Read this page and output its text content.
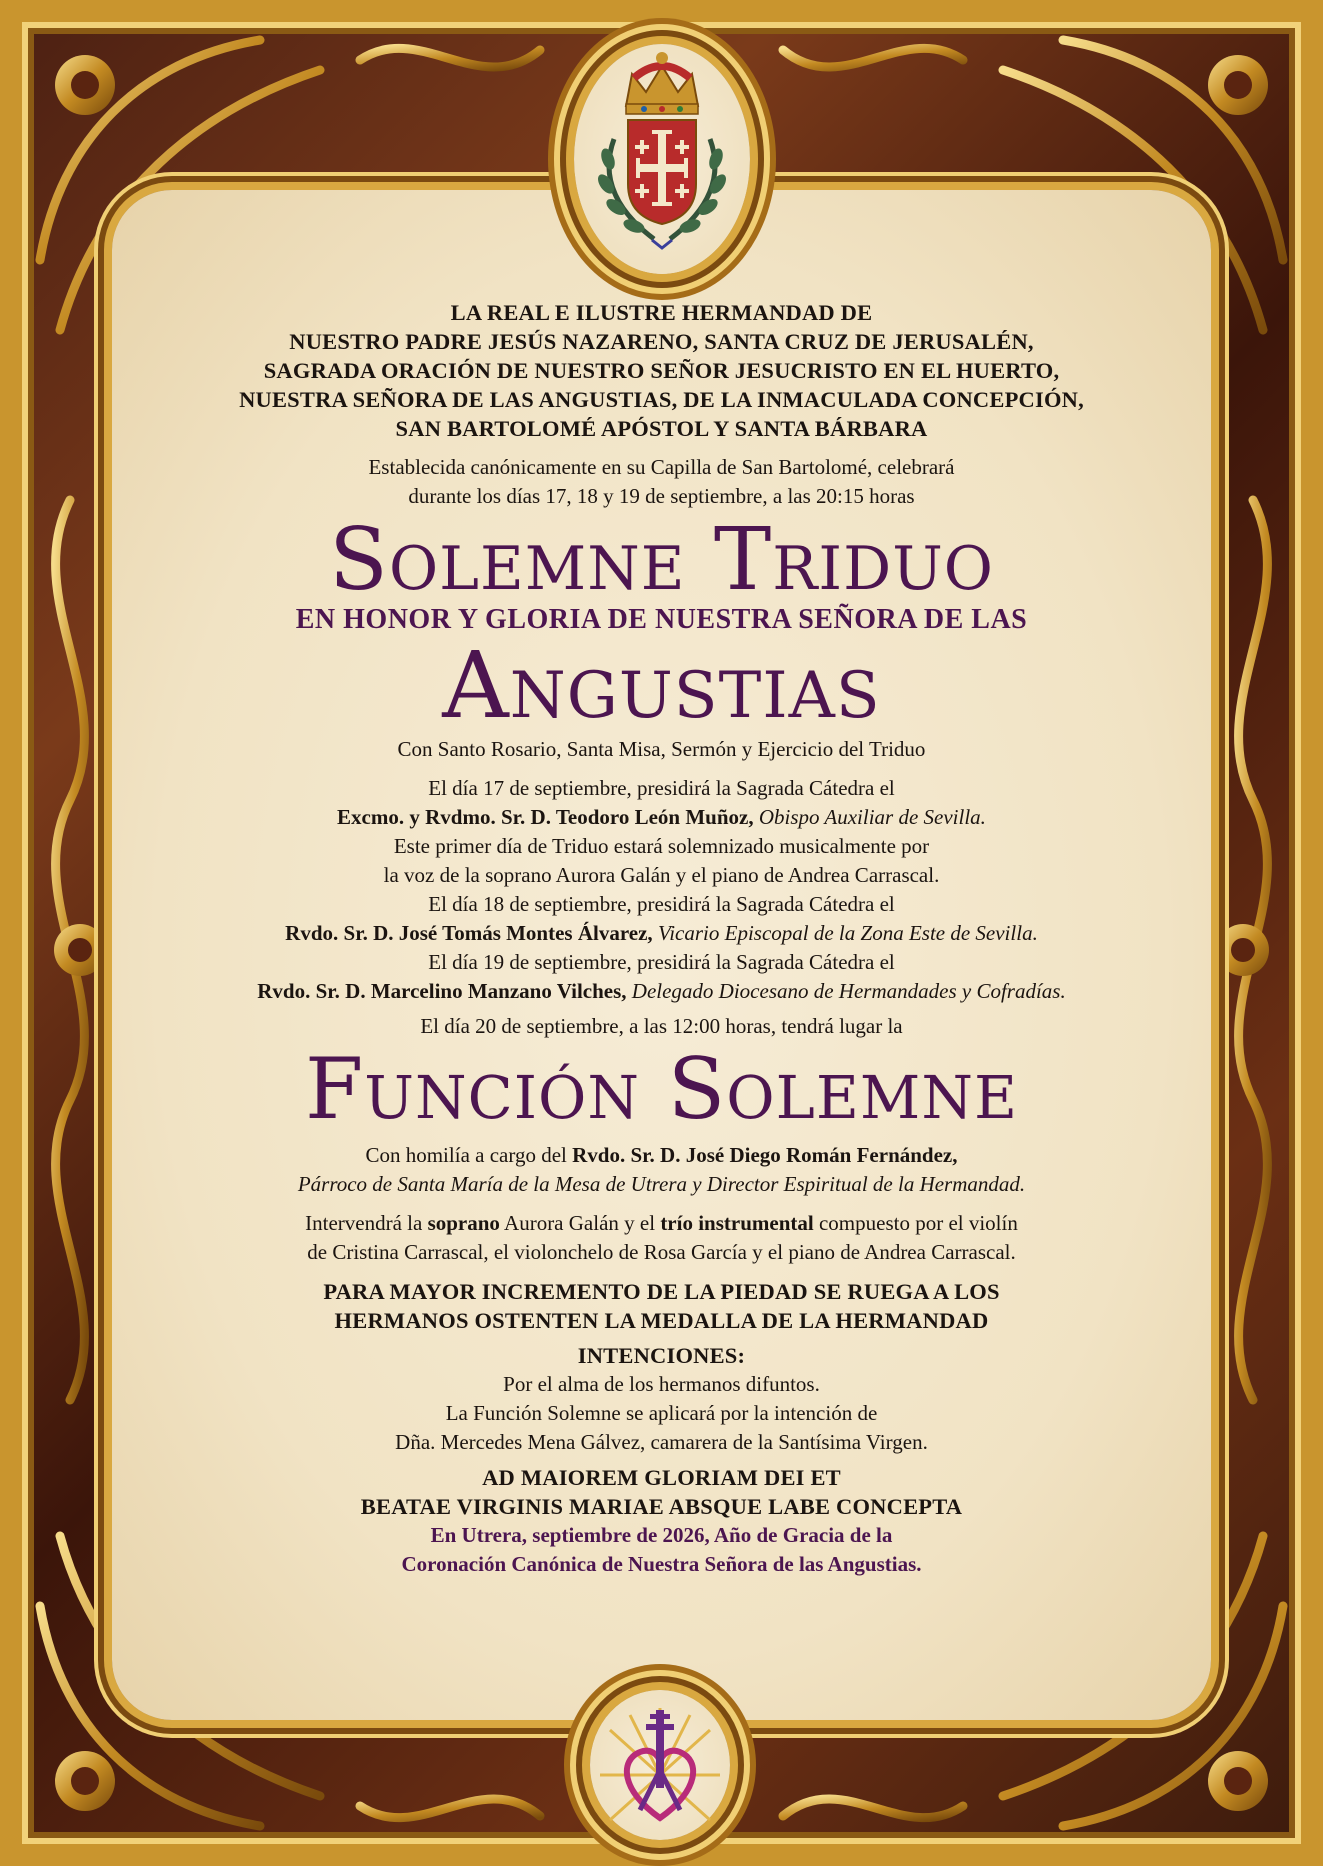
LA REAL E ILUSTRE HERMANDAD DE
NUESTRO PADRE JESÚS NAZARENO, SANTA CRUZ DE JERUSALÉN,
SAGRADA ORACIÓN DE NUESTRO SEÑOR JESUCRISTO EN EL HUERTO,
NUESTRA SEÑORA DE LAS ANGUSTIAS, DE LA INMACULADA CONCEPCIÓN,
SAN BARTOLOMÉ APÓSTOL Y SANTA BÁRBARA
Establecida canónicamente en su Capilla de San Bartolomé, celebrará
durante los días 17, 18 y 19 de septiembre, a las 20:15 horas
Solemne Triduo
EN HONOR Y GLORIA DE NUESTRA SEÑORA DE LAS
Angustias
Con Santo Rosario, Santa Misa, Sermón y Ejercicio del Triduo
El día 17 de septiembre, presidirá la Sagrada Cátedra el
Excmo. y Rvdmo. Sr. D. Teodoro León Muñoz, Obispo Auxiliar de Sevilla.
Este primer día de Triduo estará solemnizado musicalmente por
la voz de la soprano Aurora Galán y el piano de Andrea Carrascal.
El día 18 de septiembre, presidirá la Sagrada Cátedra el
Rvdo. Sr. D. José Tomás Montes Álvarez, Vicario Episcopal de la Zona Este de Sevilla.
El día 19 de septiembre, presidirá la Sagrada Cátedra el
Rvdo. Sr. D. Marcelino Manzano Vilches, Delegado Diocesano de Hermandades y Cofradías.
El día 20 de septiembre, a las 12:00 horas, tendrá lugar la
Función Solemne
Con homilía a cargo del Rvdo. Sr. D. José Diego Román Fernández,
Párroco de Santa María de la Mesa de Utrera y Director Espiritual de la Hermandad.
Intervendrá la soprano Aurora Galán y el trío instrumental compuesto por el violín
de Cristina Carrascal, el violonchelo de Rosa García y el piano de Andrea Carrascal.
PARA MAYOR INCREMENTO DE LA PIEDAD SE RUEGA A LOS
HERMANOS OSTENTEN LA MEDALLA DE LA HERMANDAD
INTENCIONES:
Por el alma de los hermanos difuntos.
La Función Solemne se aplicará por la intención de
Dña. Mercedes Mena Gálvez, camarera de la Santísima Virgen.
AD MAIOREM GLORIAM DEI ET
BEATAE VIRGINIS MARIAE ABSQUE LABE CONCEPTA
En Utrera, septiembre de 2026, Año de Gracia de la
Coronación Canónica de Nuestra Señora de las Angustias.
